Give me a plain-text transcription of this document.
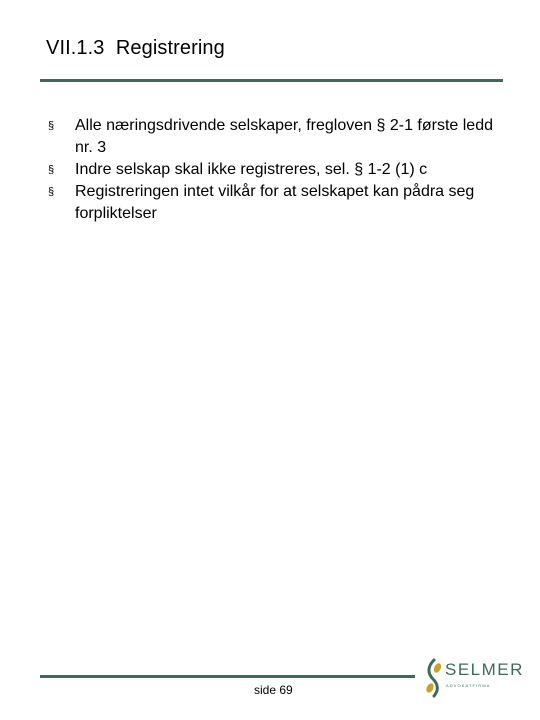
VII.1.3  Registrering
§ Alle næringsdrivende selskaper, fregloven § 2-1 første ledd nr. 3
§ Indre selskap skal ikke registreres, sel. § 1-2 (1) c
§ Registreringen intet vilkår for at selskapet kan pådra seg forpliktelser
side 69
SELMER
ADVOKATFIRMA
